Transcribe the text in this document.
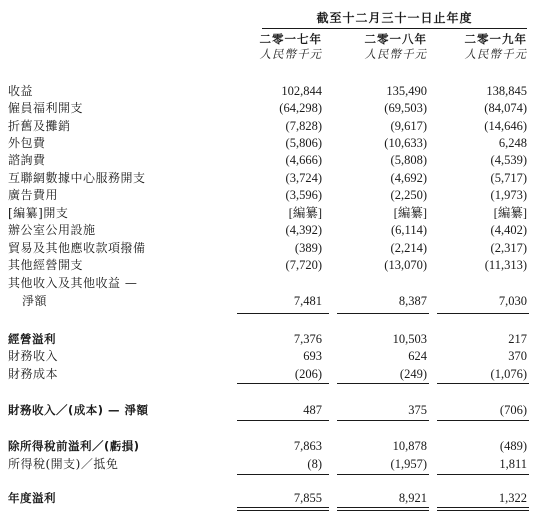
截至十二月三十一日止年度
二零一七年	二零一八年	二零一九年
人民幣千元	人民幣千元	人民幣千元
收益	102,844	135,490	138,845
僱員福利開支	(64,298)	(69,503)	(84,074)
折舊及攤銷	(7,828)	(9,617)	(14,646)
外包費	(5,806)	(10,633)	6,248
諮詢費	(4,666)	(5,808)	(4,539)
互聯網數據中心服務開支	(3,724)	(4,692)	(5,717)
廣告費用	(3,596)	(2,250)	(1,973)
[編纂]開支	[編纂]	[編纂]	[編纂]
辦公室公用設施	(4,392)	(6,114)	(4,402)
貿易及其他應收款項撥備	(389)	(2,214)	(2,317)
其他經營開支	(7,720)	(13,070)	(11,313)
其他收入及其他收益 —
淨額	7,481	8,387	7,030
經營溢利	7,376	10,503	217
財務收入	693	624	370
財務成本	(206)	(249)	(1,076)
財務收入／(成本) — 淨額	487	375	(706)
除所得稅前溢利／(虧損)	7,863	10,878	(489)
所得稅(開支)／抵免	(8)	(1,957)	1,811
年度溢利	7,855	8,921	1,322
